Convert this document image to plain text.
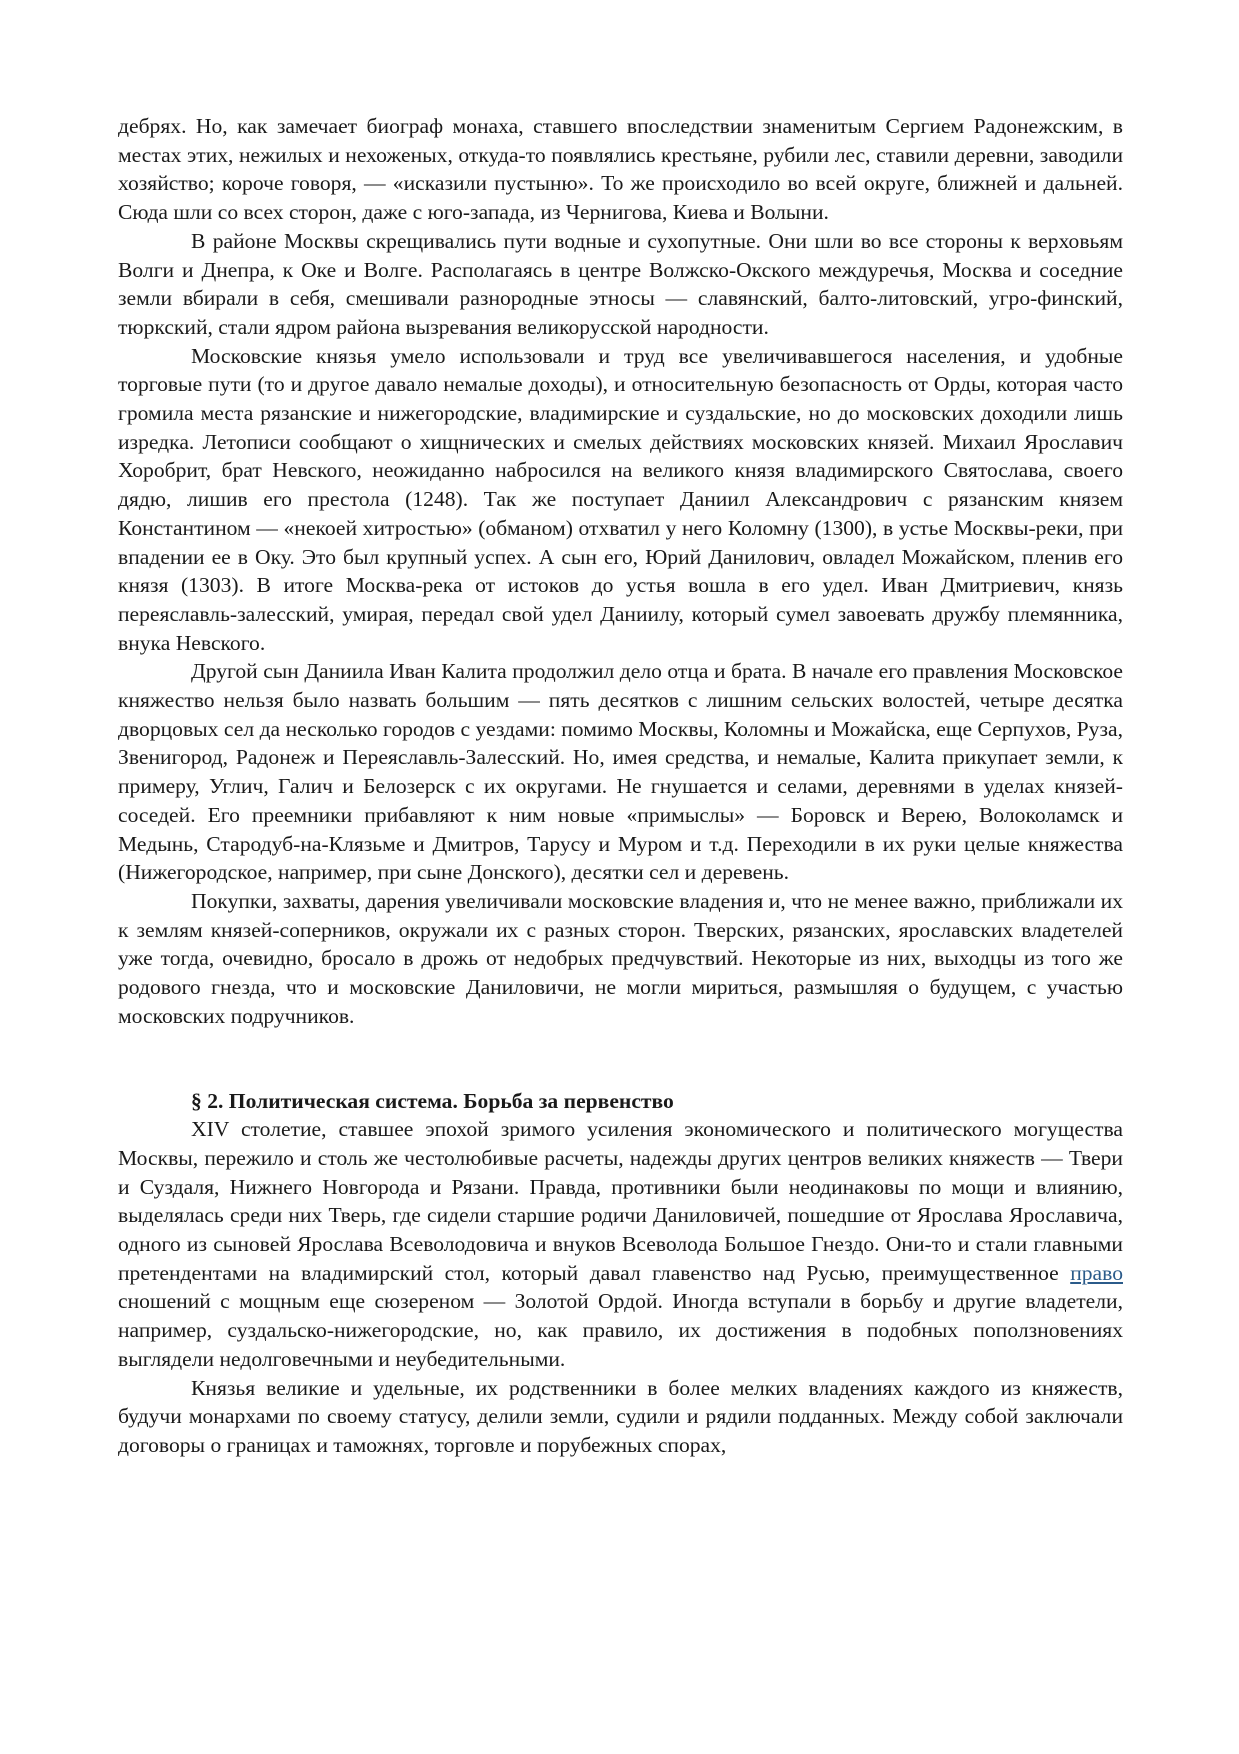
дебрях. Но, как замечает биограф монаха, ставшего впоследствии знаменитым Сергием Радонежским, в местах этих, нежилых и нехоженых, откуда-то появлялись крестьяне, рубили лес, ставили деревни, заводили хозяйство; короче говоря, — «исказили пустыню». То же происходило во всей округе, ближней и дальней. Сюда шли со всех сторон, даже с юго-запада, из Чернигова, Киева и Волыни.

В районе Москвы скрещивались пути водные и сухопутные. Они шли во все стороны к верховьям Волги и Днепра, к Оке и Волге. Располагаясь в центре Волжско-Окского междуречья, Москва и соседние земли вбирали в себя, смешивали разнородные этносы — славянский, балто-литовский, угро-финский, тюркский, стали ядром района вызревания великорусской народности.

Московские князья умело использовали и труд все увеличивавшегося населения, и удобные торговые пути (то и другое давало немалые доходы), и относительную безопасность от Орды, которая часто громила места рязанские и нижегородские, владимирские и суздальские, но до московских доходили лишь изредка. Летописи сообщают о хищнических и смелых действиях московских князей. Михаил Ярославич Хоробрит, брат Невского, неожиданно набросился на великого князя владимирского Святослава, своего дядю, лишив его престола (1248). Так же поступает Даниил Александрович с рязанским князем Константином — «некоей хитростью» (обманом) отхватил у него Коломну (1300), в устье Москвы-реки, при впадении ее в Оку. Это был крупный успех. А сын его, Юрий Данилович, овладел Можайском, пленив его князя (1303). В итоге Москва-река от истоков до устья вошла в его удел. Иван Дмитриевич, князь переяславль-залесский, умирая, передал свой удел Даниилу, который сумел завоевать дружбу племянника, внука Невского.

Другой сын Даниила Иван Калита продолжил дело отца и брата. В начале его правления Московское княжество нельзя было назвать большим — пять десятков с лишним сельских волостей, четыре десятка дворцовых сел да несколько городов с уездами: помимо Москвы, Коломны и Можайска, еще Серпухов, Руза, Звенигород, Радонеж и Переяславль-Залесский. Но, имея средства, и немалые, Калита прикупает земли, к примеру, Углич, Галич и Белозерск с их округами. Не гнушается и селами, деревнями в уделах князей-соседей. Его преемники прибавляют к ним новые «примыслы» — Боровск и Верею, Волоколамск и Медынь, Стародуб-на-Клязьме и Дмитров, Тарусу и Муром и т.д. Переходили в их руки целые княжества (Нижегородское, например, при сыне Донского), десятки сел и деревень.

Покупки, захваты, дарения увеличивали московские владения и, что не менее важно, приближали их к землям князей-соперников, окружали их с разных сторон. Тверских, рязанских, ярославских владетелей уже тогда, очевидно, бросало в дрожь от недобрых предчувствий. Некоторые из них, выходцы из того же родового гнезда, что и московские Даниловичи, не могли мириться, размышляя о будущем, с участью московских подручников.

§ 2. Политическая система. Борьба за первенство

XIV столетие, ставшее эпохой зримого усиления экономического и политического могущества Москвы, пережило и столь же честолюбивые расчеты, надежды других центров великих княжеств — Твери и Суздаля, Нижнего Новгорода и Рязани. Правда, противники были неодинаковы по мощи и влиянию, выделялась среди них Тверь, где сидели старшие родичи Даниловичей, пошедшие от Ярослава Ярославича, одного из сыновей Ярослава Всеволодовича и внуков Всеволода Большое Гнездо. Они-то и стали главными претендентами на владимирский стол, который давал главенство над Русью, преимущественное право сношений с мощным еще сюзереном — Золотой Ордой. Иногда вступали в борьбу и другие владетели, например, суздальско-нижегородские, но, как правило, их достижения в подобных поползновениях выглядели недолговечными и неубедительными.

Князья великие и удельные, их родственники в более мелких владениях каждого из княжеств, будучи монархами по своему статусу, делили земли, судили и рядили подданных. Между собой заключали договоры о границах и таможнях, торговле и порубежных спорах,
